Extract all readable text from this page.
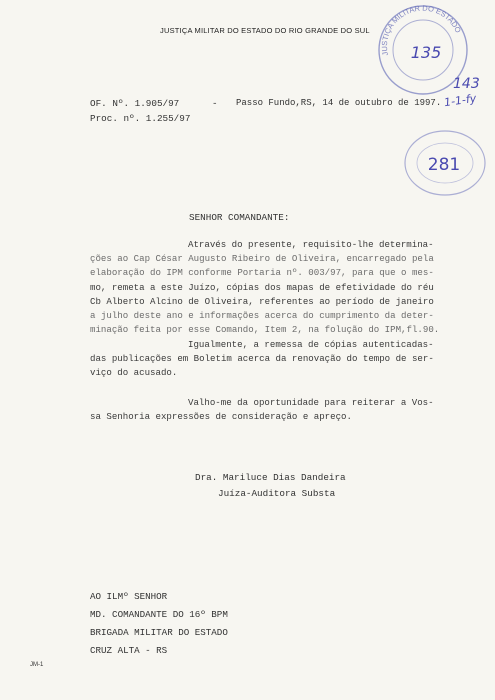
JUSTIÇA MILITAR DO ESTADO DO RIO GRANDE DO SUL
JUSTIÇA MILITAR DO ESTADO
135
281
143
1-1-fy
OF. Nº. 1.905/97	- Passo Fundo,RS, 14 de outubro de 1997.
Proc. nº. 1.255/97
SENHOR COMANDANTE:
Através do presente, requisito-lhe determina-
ções ao Cap César Augusto Ribeiro de Oliveira, encarregado pela
elaboração do IPM conforme Portaria nº. 003/97, para que o mes-
mo, remeta a este Juízo, cópias dos mapas de efetividade do réu
Cb Alberto Alcino de Oliveira, referentes ao período de janeiro
a julho deste ano e informações acerca do cumprimento da deter-
minação feita por esse Comando, Item 2, na folução do IPM,fl.90.
Igualmente, a remessa de cópias autenticadas-
das publicações em Boletim acerca da renovação do tempo de ser-
viço do acusado.
Valho-me da oportunidade para reiterar a Vos-
sa Senhoria expressões de consideração e apreço.
Dra. Mariluce Dias Dandeira
Juíza-Auditora Substa
AO ILMº SENHOR
MD. COMANDANTE DO 16º BPM
BRIGADA MILITAR DO ESTADO
CRUZ ALTA - RS
JM-1
